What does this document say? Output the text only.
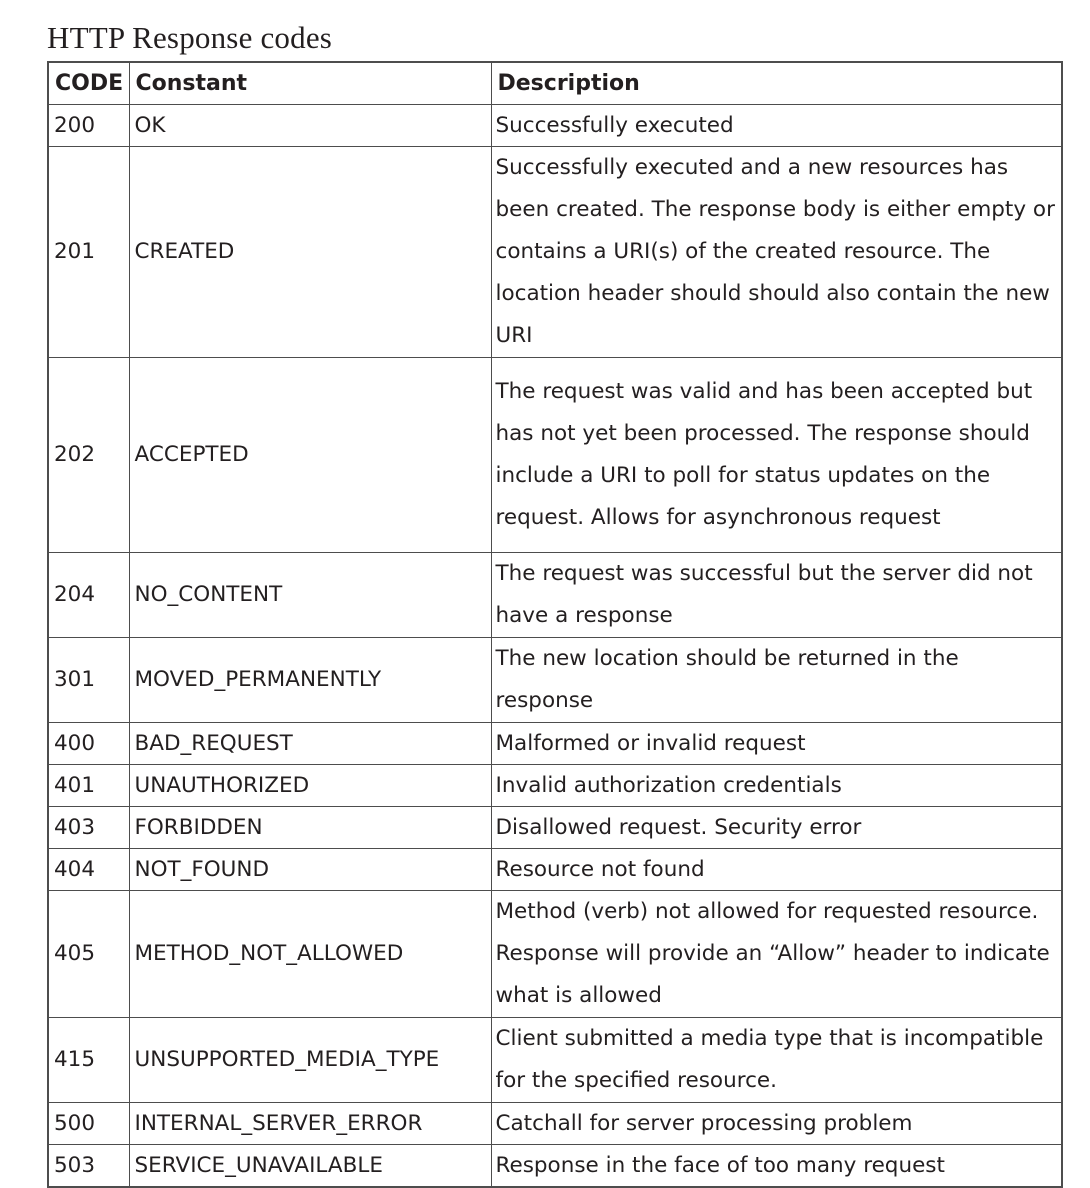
HTTP Response codes
CODE	Constant	Description

200	OK	Successfully executed

201	CREATED	Successfully executed and a new resources has been created. The response body is either empty or contains a URI(s) of the created resource. The location header should should also contain the new URI

202	ACCEPTED	The request was valid and has been accepted but has not yet been processed. The response should include a URI to poll for status updates on the request. Allows for asynchronous request

204	NO_CONTENT	The request was successful but the server did not have a response

301	MOVED_PERMANENTLY	The new location should be returned in the response

400	BAD_REQUEST	Malformed or invalid request

401	UNAUTHORIZED	Invalid authorization credentials

403	FORBIDDEN	Disallowed request. Security error

404	NOT_FOUND	Resource not found

405	METHOD_NOT_ALLOWED	Method (verb) not allowed for requested resource. Response will provide an “Allow” header to indicate what is allowed

415	UNSUPPORTED_MEDIA_TYPE	Client submitted a media type that is incompatible for the specified resource.

500	INTERNAL_SERVER_ERROR	Catchall for server processing problem

503	SERVICE_UNAVAILABLE	Response in the face of too many request
